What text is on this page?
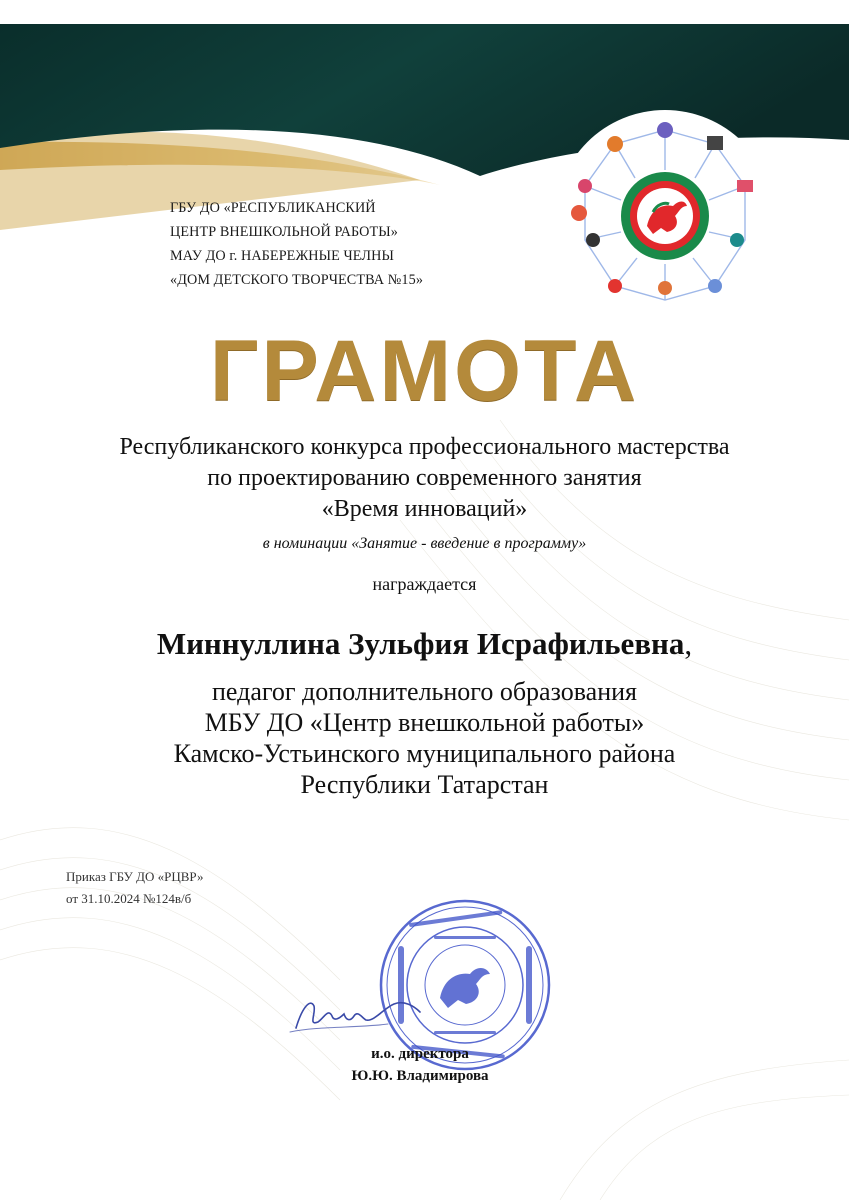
ГБУ ДО «РЕСПУБЛИКАНСКИЙ
ЦЕНТР ВНЕШКОЛЬНОЙ РАБОТЫ»
МАУ ДО г. НАБЕРЕЖНЫЕ ЧЕЛНЫ
«ДОМ ДЕТСКОГО ТВОРЧЕСТВА №15»
ГРАМОТА
Республиканского конкурса профессионального мастерства
по проектированию современного занятия
«Время инноваций»
в номинации «Занятие - введение в программу»
награждается
Миннуллина Зульфия Исрафильевна,
педагог дополнительного образования
МБУ ДО «Центр внешкольной работы»
Камско-Устьинского муниципального района
Республики Татарстан
Приказ ГБУ ДО «РЦВР»
от 31.10.2024 №124в/б
и.о. директора
Ю.Ю. Владимирова
